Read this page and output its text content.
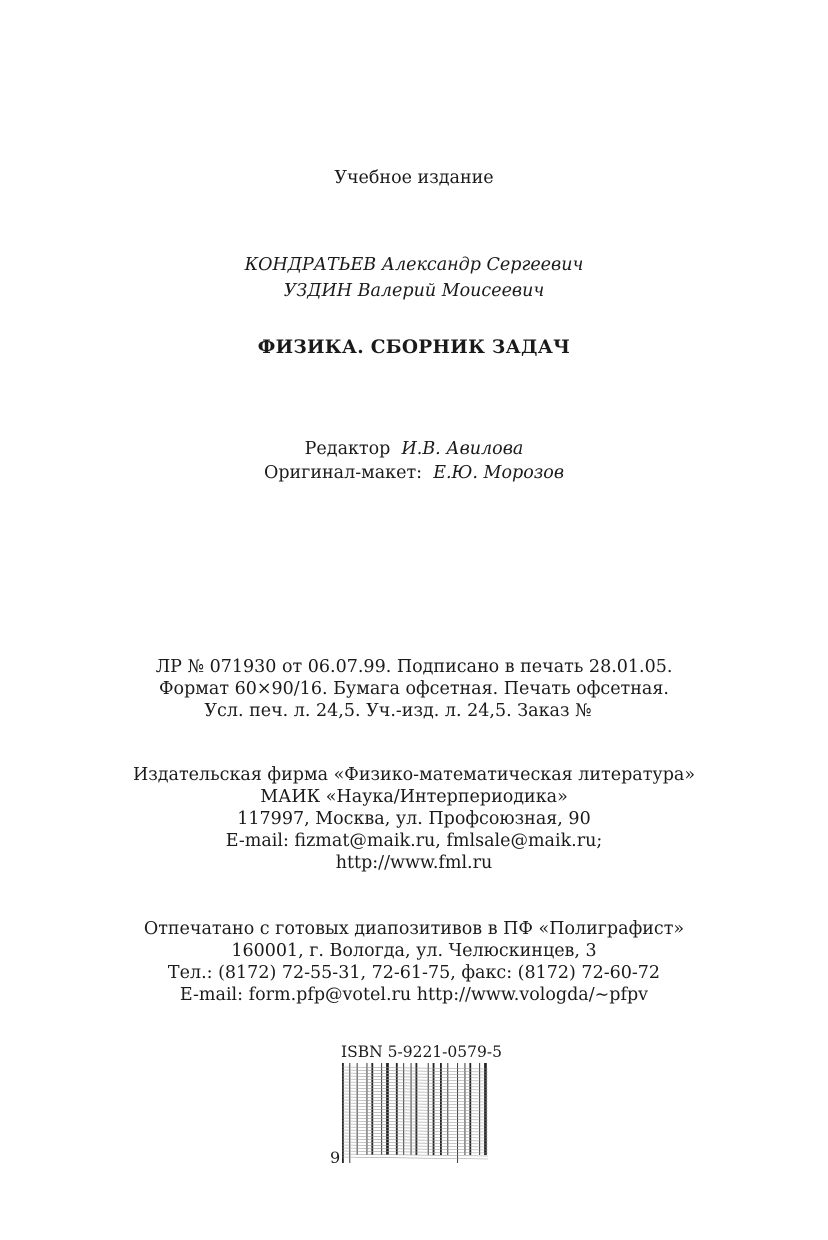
Учебное издание
КОНДРАТЬЕВ Александр Сергеевич
УЗДИН Валерий Моисеевич
ФИЗИКА. СБОРНИК ЗАДАЧ
Редактор И.В. Авилова
Оригинал-макет: Е.Ю. Морозов
ЛР № 071930 от 06.07.99. Подписано в печать 28.01.05.
Формат 60×90/16. Бумага офсетная. Печать офсетная.
Усл. печ. л. 24,5. Уч.-изд. л. 24,5. Заказ №
Издательская фирма «Физико-математическая литература»
МАИК «Наука/Интерпериодика»
117997, Москва, ул. Профсоюзная, 90
E-mail: fizmat@maik.ru, fmlsale@maik.ru;
http://www.fml.ru
Отпечатано с готовых диапозитивов в ПФ «Полиграфист»
160001, г. Вологда, ул. Челюскинцев, 3
Тел.: (8172) 72-55-31, 72-61-75, факс: (8172) 72-60-72
E-mail: form.pfp@votel.ru http://www.vologda/∼pfpv
ISBN 5-9221-0579-5
9
